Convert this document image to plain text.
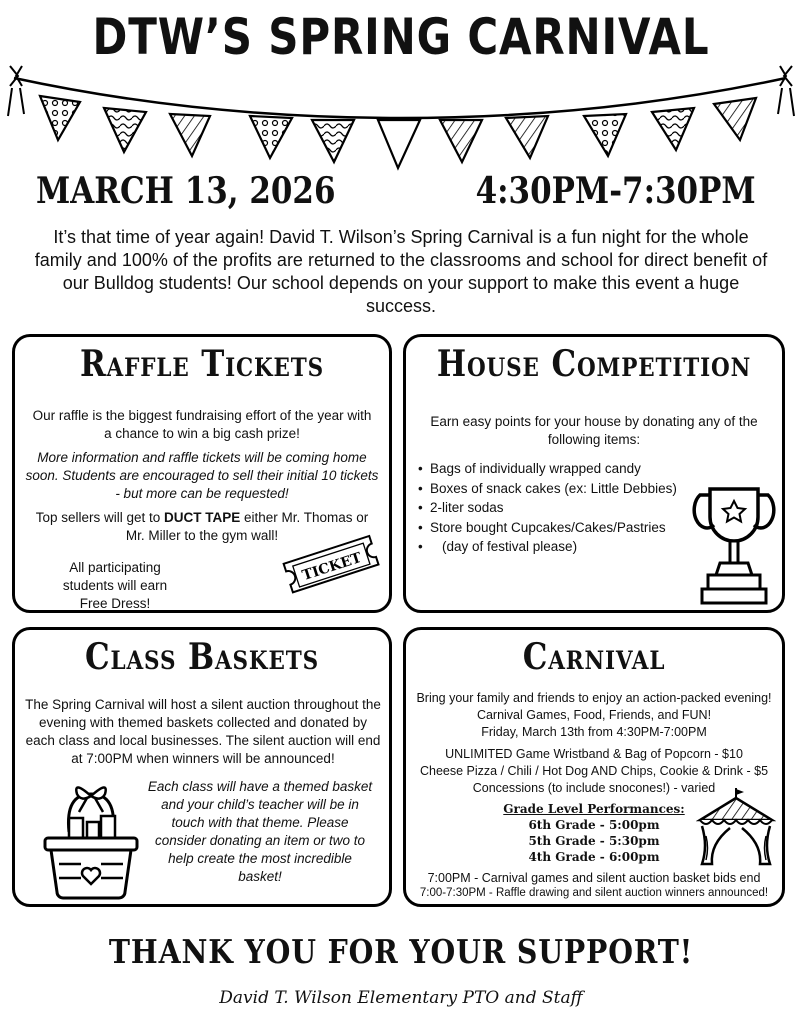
DTW’S SPRING CARNIVAL
MARCH 13, 2026	4:30PM-7:30PM
It’s that time of year again! David T. Wilson’s Spring Carnival is a fun night for the whole family and 100% of the profits are returned to the classrooms and school for direct benefit of our Bulldog students! Our school depends on your support to make this event a huge success.
Raffle Tickets
Our raffle is the biggest fundraising effort of the year with a chance to win a big cash prize!
More information and raffle tickets will be coming home soon. Students are encouraged to sell their initial 10 tickets - but more can be requested!
Top sellers will get to DUCT TAPE either Mr. Thomas or Mr. Miller to the gym wall!
All participating students will earn Free Dress!
TICKET
House Competition
Earn easy points for your house by donating any of the following items:
• Bags of individually wrapped candy
• Boxes of snack cakes (ex: Little Debbies)
• 2-liter sodas
• Store bought Cupcakes/Cakes/Pastries
• (day of festival please)
Class Baskets
The Spring Carnival will host a silent auction throughout the evening with themed baskets collected and donated by each class and local businesses. The silent auction will end at 7:00PM when winners will be announced!
Each class will have a themed basket and your child’s teacher will be in touch with that theme. Please consider donating an item or two to help create the most incredible basket!
Carnival
Bring your family and friends to enjoy an action-packed evening!
Carnival Games, Food, Friends, and FUN!
Friday, March 13th from 4:30PM-7:00PM
UNLIMITED Game Wristband & Bag of Popcorn - $10
Cheese Pizza / Chili / Hot Dog AND Chips, Cookie & Drink - $5
Concessions (to include snocones!) - varied
Grade Level Performances:
6th Grade - 5:00pm
5th Grade - 5:30pm
4th Grade - 6:00pm
7:00PM - Carnival games and silent auction basket bids end
7:00-7:30PM - Raffle drawing and silent auction winners announced!
THANK YOU FOR YOUR SUPPORT!
David T. Wilson Elementary PTO and Staff
